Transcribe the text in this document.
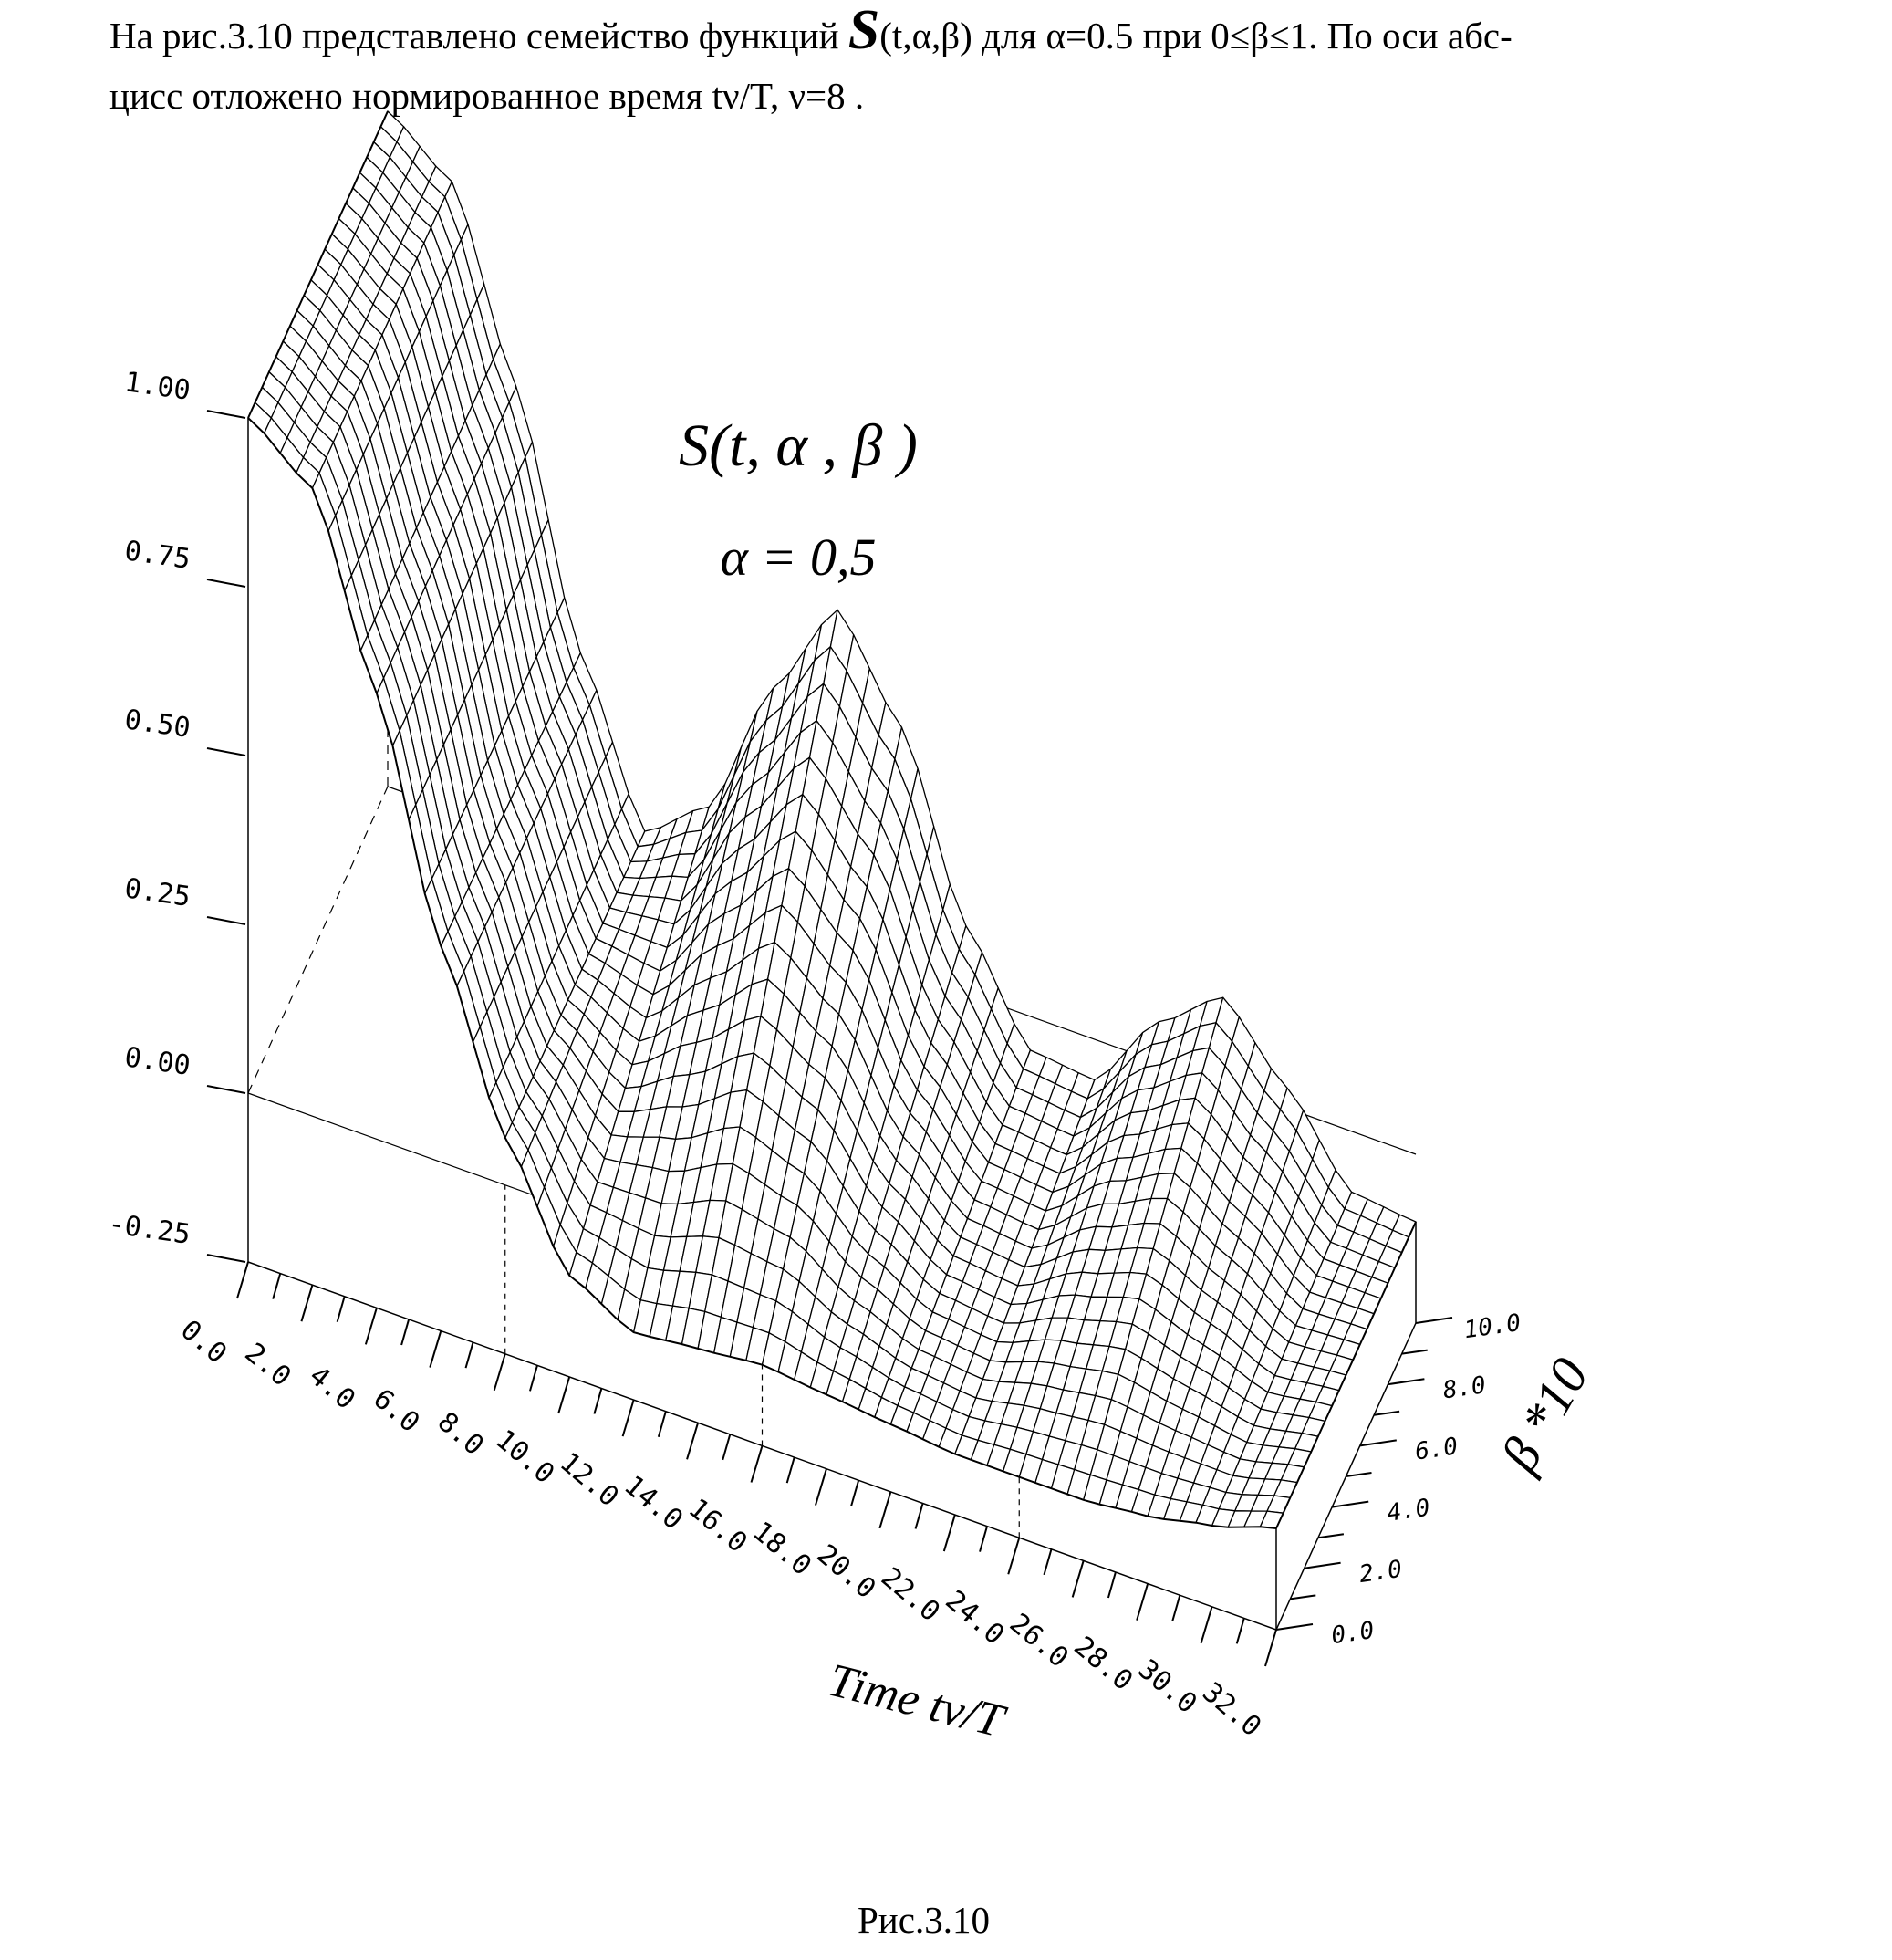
На рис.3.10 представлено семейство функций S(t,α,β) для α=0.5 при 0≤β≤1. По оси абс-
цисс отложено нормированное время tν/T, ν=8 .
-0.25
0.00
0.25
0.50
0.75
1.00
0.0 2.0 4.0 6.0 8.0 10.0
12.0
14.0
16.0
18.0
20.0
22.0
24.0
26.0
28.0
30.0
32.0
0.0
2.0
4.0
6.0
8.0
10.0
Time tν/T
β *10
S(t, α , β )
α = 0,5
Рис.3.10
